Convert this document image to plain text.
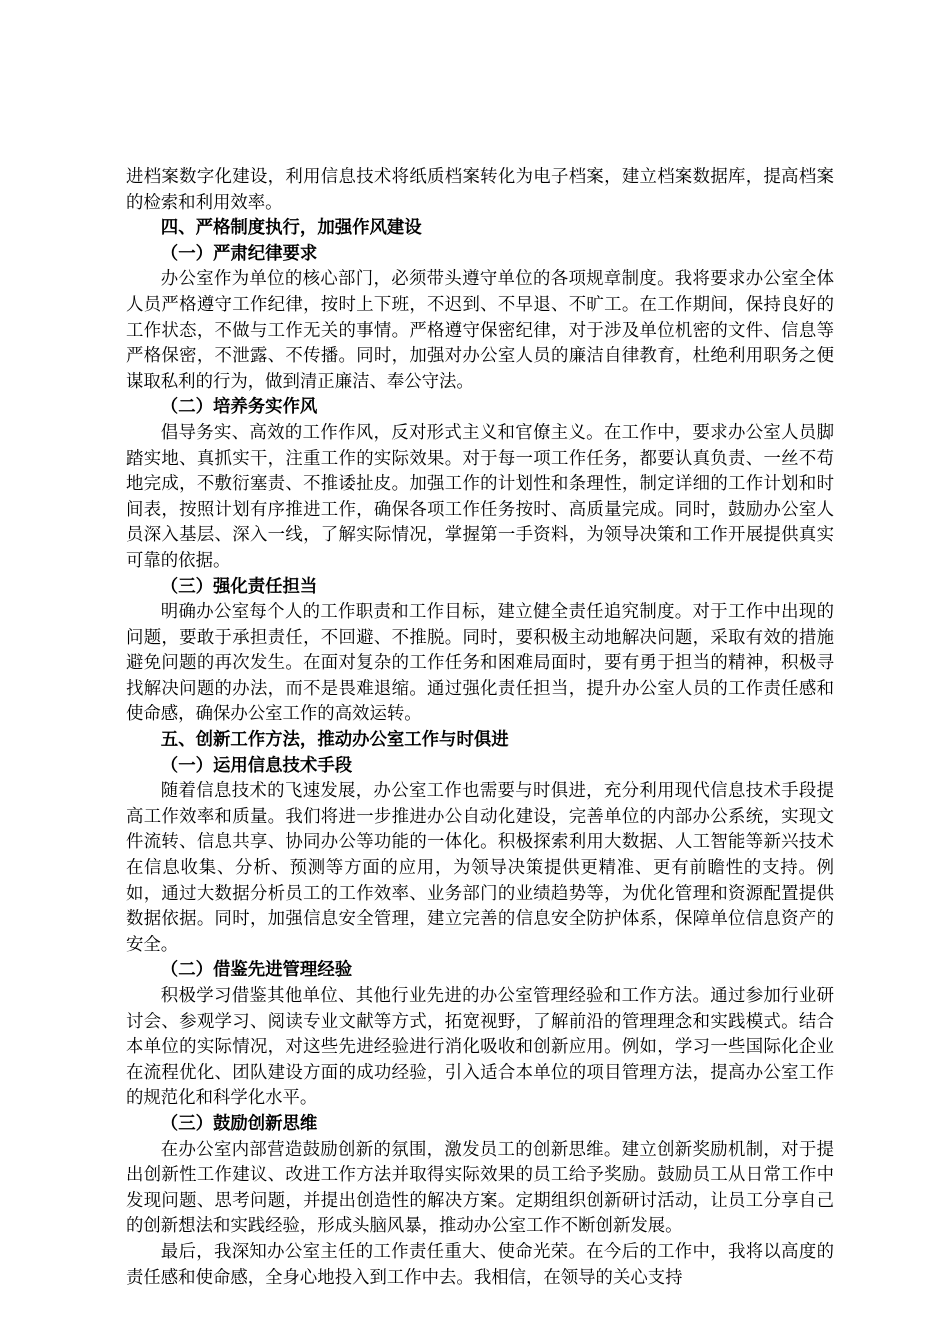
进档案数字化建设，利用信息技术将纸质档案转化为电子档案，建立档案数据库，提高档案的检索和利用效率。

四、严格制度执行，加强作风建设

（一）严肃纪律要求

办公室作为单位的核心部门，必须带头遵守单位的各项规章制度。我将要求办公室全体人员严格遵守工作纪律，按时上下班，不迟到、不早退、不旷工。在工作期间，保持良好的工作状态，不做与工作无关的事情。严格遵守保密纪律，对于涉及单位机密的文件、信息等严格保密，不泄露、不传播。同时，加强对办公室人员的廉洁自律教育，杜绝利用职务之便谋取私利的行为，做到清正廉洁、奉公守法。

（二）培养务实作风

倡导务实、高效的工作作风，反对形式主义和官僚主义。在工作中，要求办公室人员脚踏实地、真抓实干，注重工作的实际效果。对于每一项工作任务，都要认真负责、一丝不苟地完成，不敷衍塞责、不推诿扯皮。加强工作的计划性和条理性，制定详细的工作计划和时间表，按照计划有序推进工作，确保各项工作任务按时、高质量完成。同时，鼓励办公室人员深入基层、深入一线，了解实际情况，掌握第一手资料，为领导决策和工作开展提供真实可靠的依据。

（三）强化责任担当

明确办公室每个人的工作职责和工作目标，建立健全责任追究制度。对于工作中出现的问题，要敢于承担责任，不回避、不推脱。同时，要积极主动地解决问题，采取有效的措施避免问题的再次发生。在面对复杂的工作任务和困难局面时，要有勇于担当的精神，积极寻找解决问题的办法，而不是畏难退缩。通过强化责任担当，提升办公室人员的工作责任感和使命感，确保办公室工作的高效运转。

五、创新工作方法，推动办公室工作与时俱进

（一）运用信息技术手段

随着信息技术的飞速发展，办公室工作也需要与时俱进，充分利用现代信息技术手段提高工作效率和质量。我们将进一步推进办公自动化建设，完善单位的内部办公系统，实现文件流转、信息共享、协同办公等功能的一体化。积极探索利用大数据、人工智能等新兴技术在信息收集、分析、预测等方面的应用，为领导决策提供更精准、更有前瞻性的支持。例如，通过大数据分析员工的工作效率、业务部门的业绩趋势等，为优化管理和资源配置提供数据依据。同时，加强信息安全管理，建立完善的信息安全防护体系，保障单位信息资产的安全。

（二）借鉴先进管理经验

积极学习借鉴其他单位、其他行业先进的办公室管理经验和工作方法。通过参加行业研讨会、参观学习、阅读专业文献等方式，拓宽视野，了解前沿的管理理念和实践模式。结合本单位的实际情况，对这些先进经验进行消化吸收和创新应用。例如，学习一些国际化企业在流程优化、团队建设方面的成功经验，引入适合本单位的项目管理方法，提高办公室工作的规范化和科学化水平。

（三）鼓励创新思维

在办公室内部营造鼓励创新的氛围，激发员工的创新思维。建立创新奖励机制，对于提出创新性工作建议、改进工作方法并取得实际效果的员工给予奖励。鼓励员工从日常工作中发现问题、思考问题，并提出创造性的解决方案。定期组织创新研讨活动，让员工分享自己的创新想法和实践经验，形成头脑风暴，推动办公室工作不断创新发展。

最后，我深知办公室主任的工作责任重大、使命光荣。在今后的工作中，我将以高度的责任感和使命感，全身心地投入到工作中去。我相信，在领导的关心支持
